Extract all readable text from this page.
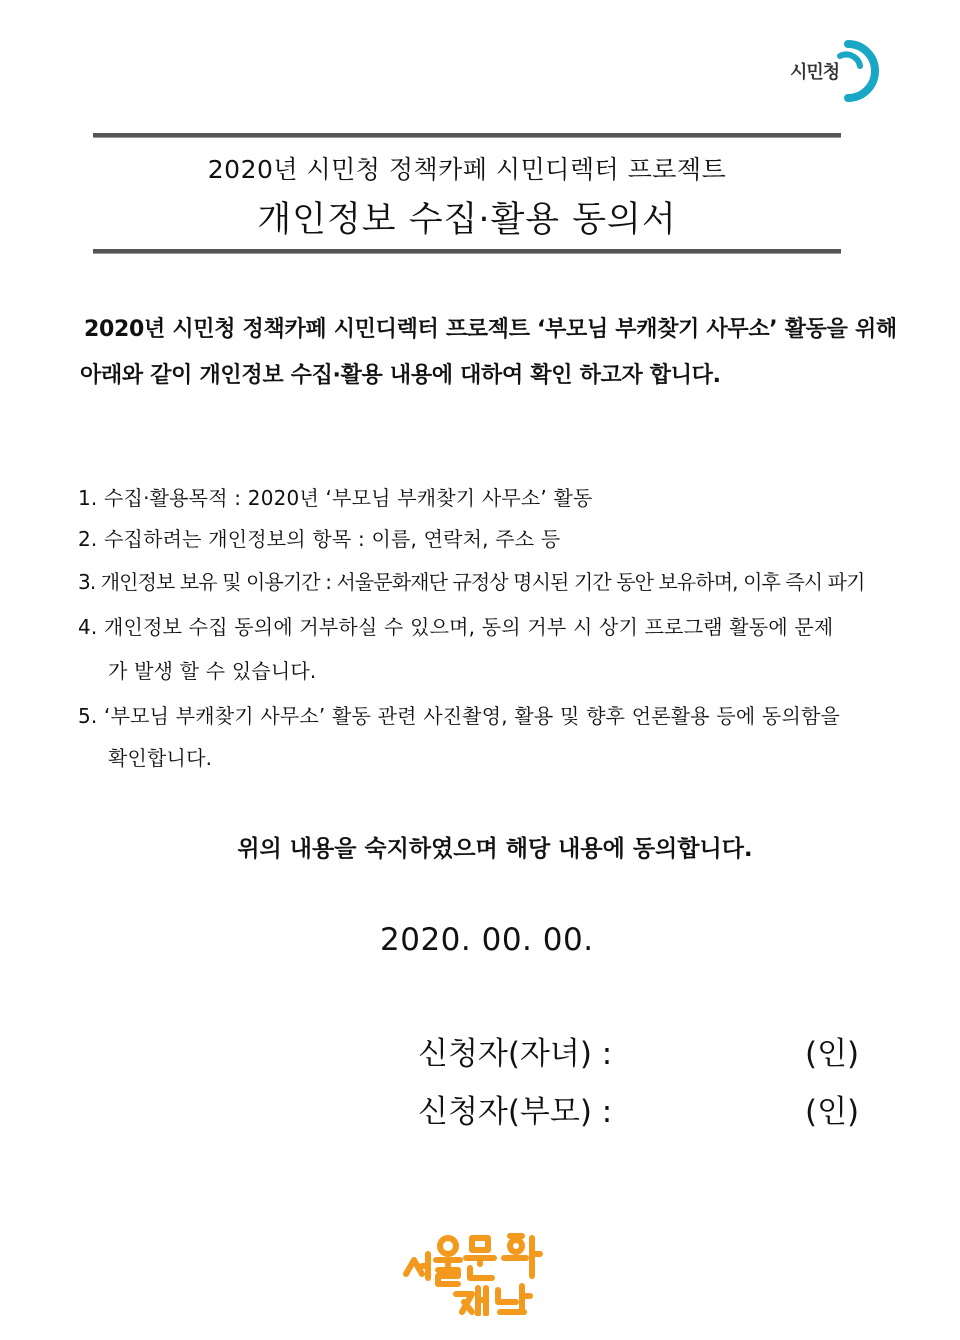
시민청
2020년 시민청 정책카페 시민디렉터 프로젝트
개인정보 수집·활용 동의서
2020년 시민청 정책카페 시민디렉터 프로젝트 ‘부모님 부캐찾기 사무소’ 활동을 위해
아래와 같이 개인정보 수집·활용 내용에 대하여 확인 하고자 합니다.
1. 수집·활용목적 : 2020년 ‘부모님 부캐찾기 사무소’ 활동
2. 수집하려는 개인정보의 항목 : 이름, 연락처, 주소 등
3. 개인정보 보유 및 이용기간 : 서울문화재단 규정상 명시된 기간 동안 보유하며, 이후 즉시 파기
4. 개인정보 수집 동의에 거부하실 수 있으며, 동의 거부 시 상기 프로그램 활동에 문제
가 발생 할 수 있습니다.
5. ‘부모님 부캐찾기 사무소’ 활동 관련 사진촬영, 활용 및 향후 언론활용 등에 동의함을
확인합니다.
위의 내용을 숙지하였으며 해당 내용에 동의합니다.
2020. 00. 00.
신청자(자녀) :	(인)
신청자(부모) :	(인)
